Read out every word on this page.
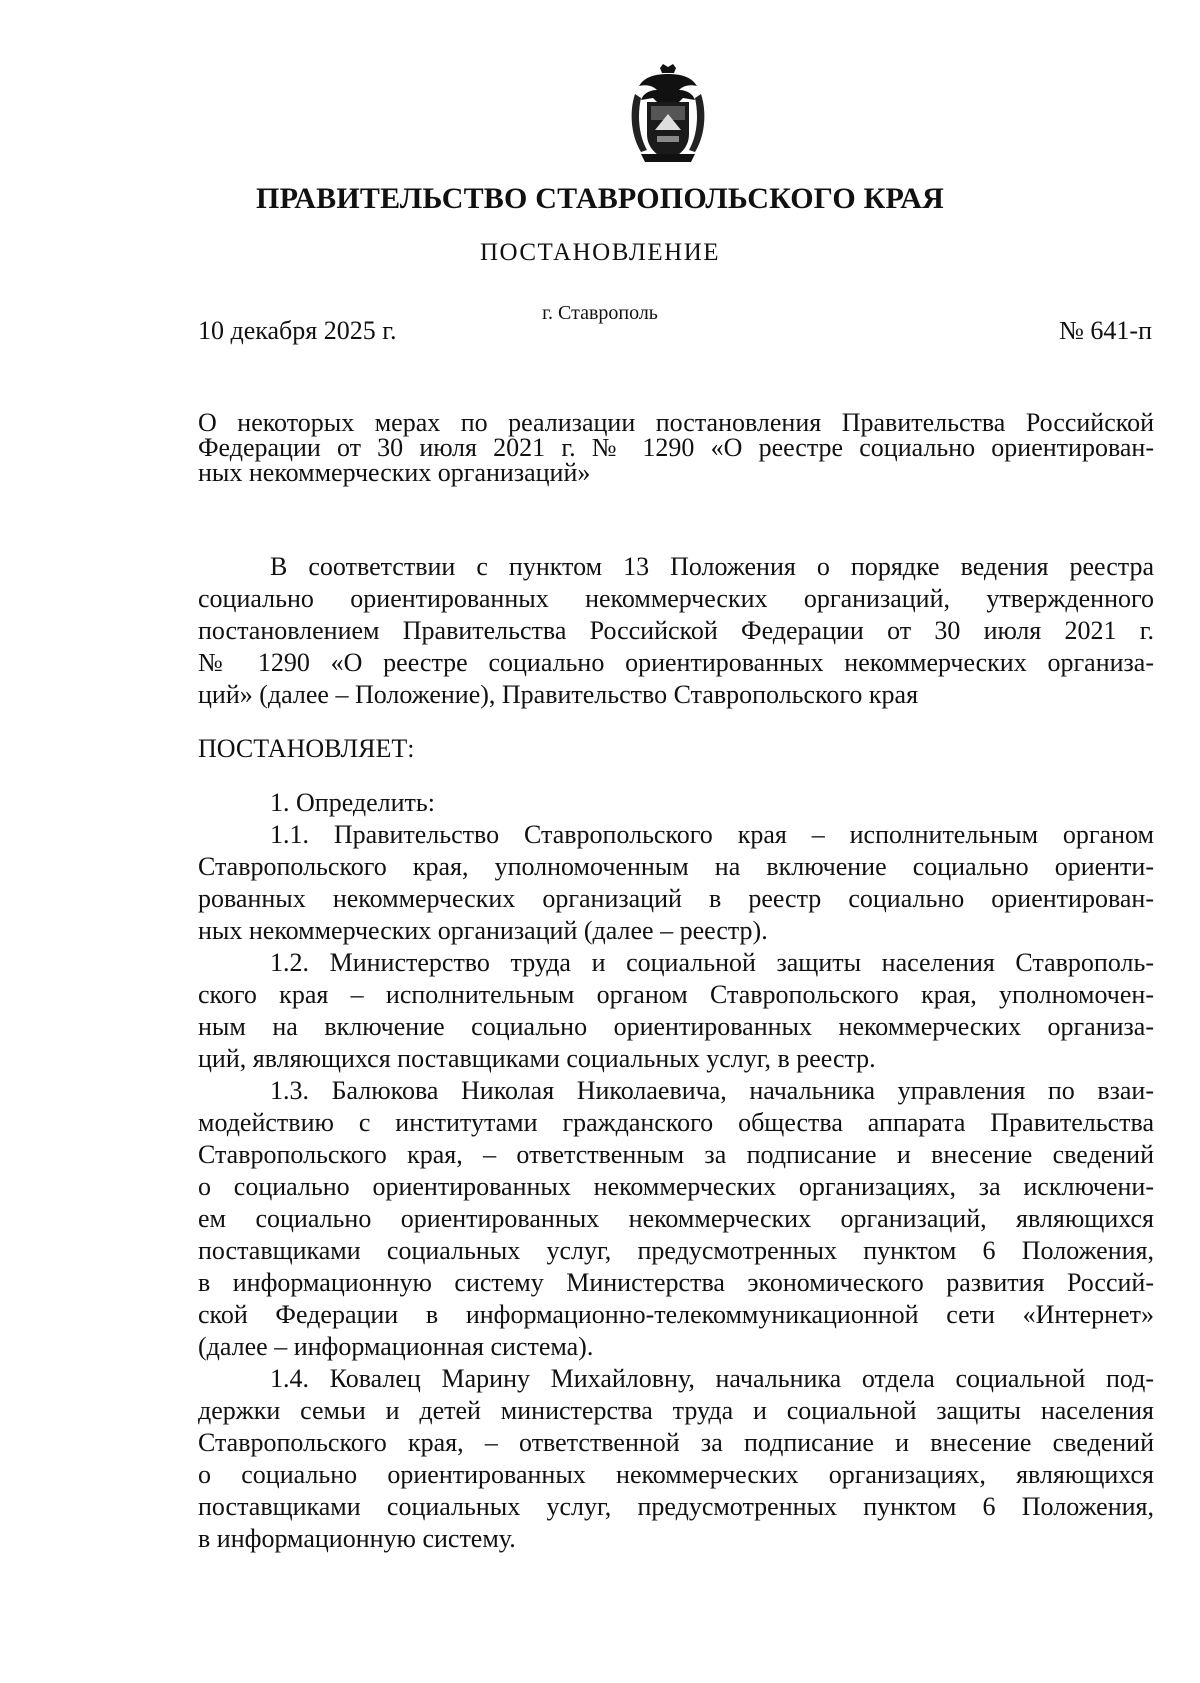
ПРАВИТЕЛЬСТВО СТАВРОПОЛЬСКОГО КРАЯ
ПОСТАНОВЛЕНИЕ
г. Ставрополь
10 декабря 2025 г.	№ 641-п
О некоторых мерах по реализации постановления Правительства Российской
Федерации от 30 июля 2021 г. № 1290 «О реестре социально ориентирован-
ных некоммерческих организаций»
В соответствии с пунктом 13 Положения о порядке ведения реестра
социально ориентированных некоммерческих организаций, утвержденного
постановлением Правительства Российской Федерации от 30 июля 2021 г.
№ 1290 «О реестре социально ориентированных некоммерческих организа-
ций» (далее – Положение), Правительство Ставропольского края
ПОСТАНОВЛЯЕТ:
1. Определить:
1.1. Правительство Ставропольского края – исполнительным органом
Ставропольского края, уполномоченным на включение социально ориенти-
рованных некоммерческих организаций в реестр социально ориентирован-
ных некоммерческих организаций (далее – реестр).
1.2. Министерство труда и социальной защиты населения Ставрополь-
ского края – исполнительным органом Ставропольского края, уполномочен-
ным на включение социально ориентированных некоммерческих организа-
ций, являющихся поставщиками социальных услуг, в реестр.
1.3. Балюкова Николая Николаевича, начальника управления по взаи-
модействию с институтами гражданского общества аппарата Правительства
Ставропольского края, – ответственным за подписание и внесение сведений
о социально ориентированных некоммерческих организациях, за исключени-
ем социально ориентированных некоммерческих организаций, являющихся
поставщиками социальных услуг, предусмотренных пунктом 6 Положения,
в информационную систему Министерства экономического развития Россий-
ской Федерации в информационно-телекоммуникационной сети «Интернет»
(далее – информационная система).
1.4. Ковалец Марину Михайловну, начальника отдела социальной под-
держки семьи и детей министерства труда и социальной защиты населения
Ставропольского края, – ответственной за подписание и внесение сведений
о социально ориентированных некоммерческих организациях, являющихся
поставщиками социальных услуг, предусмотренных пунктом 6 Положения,
в информационную систему.
